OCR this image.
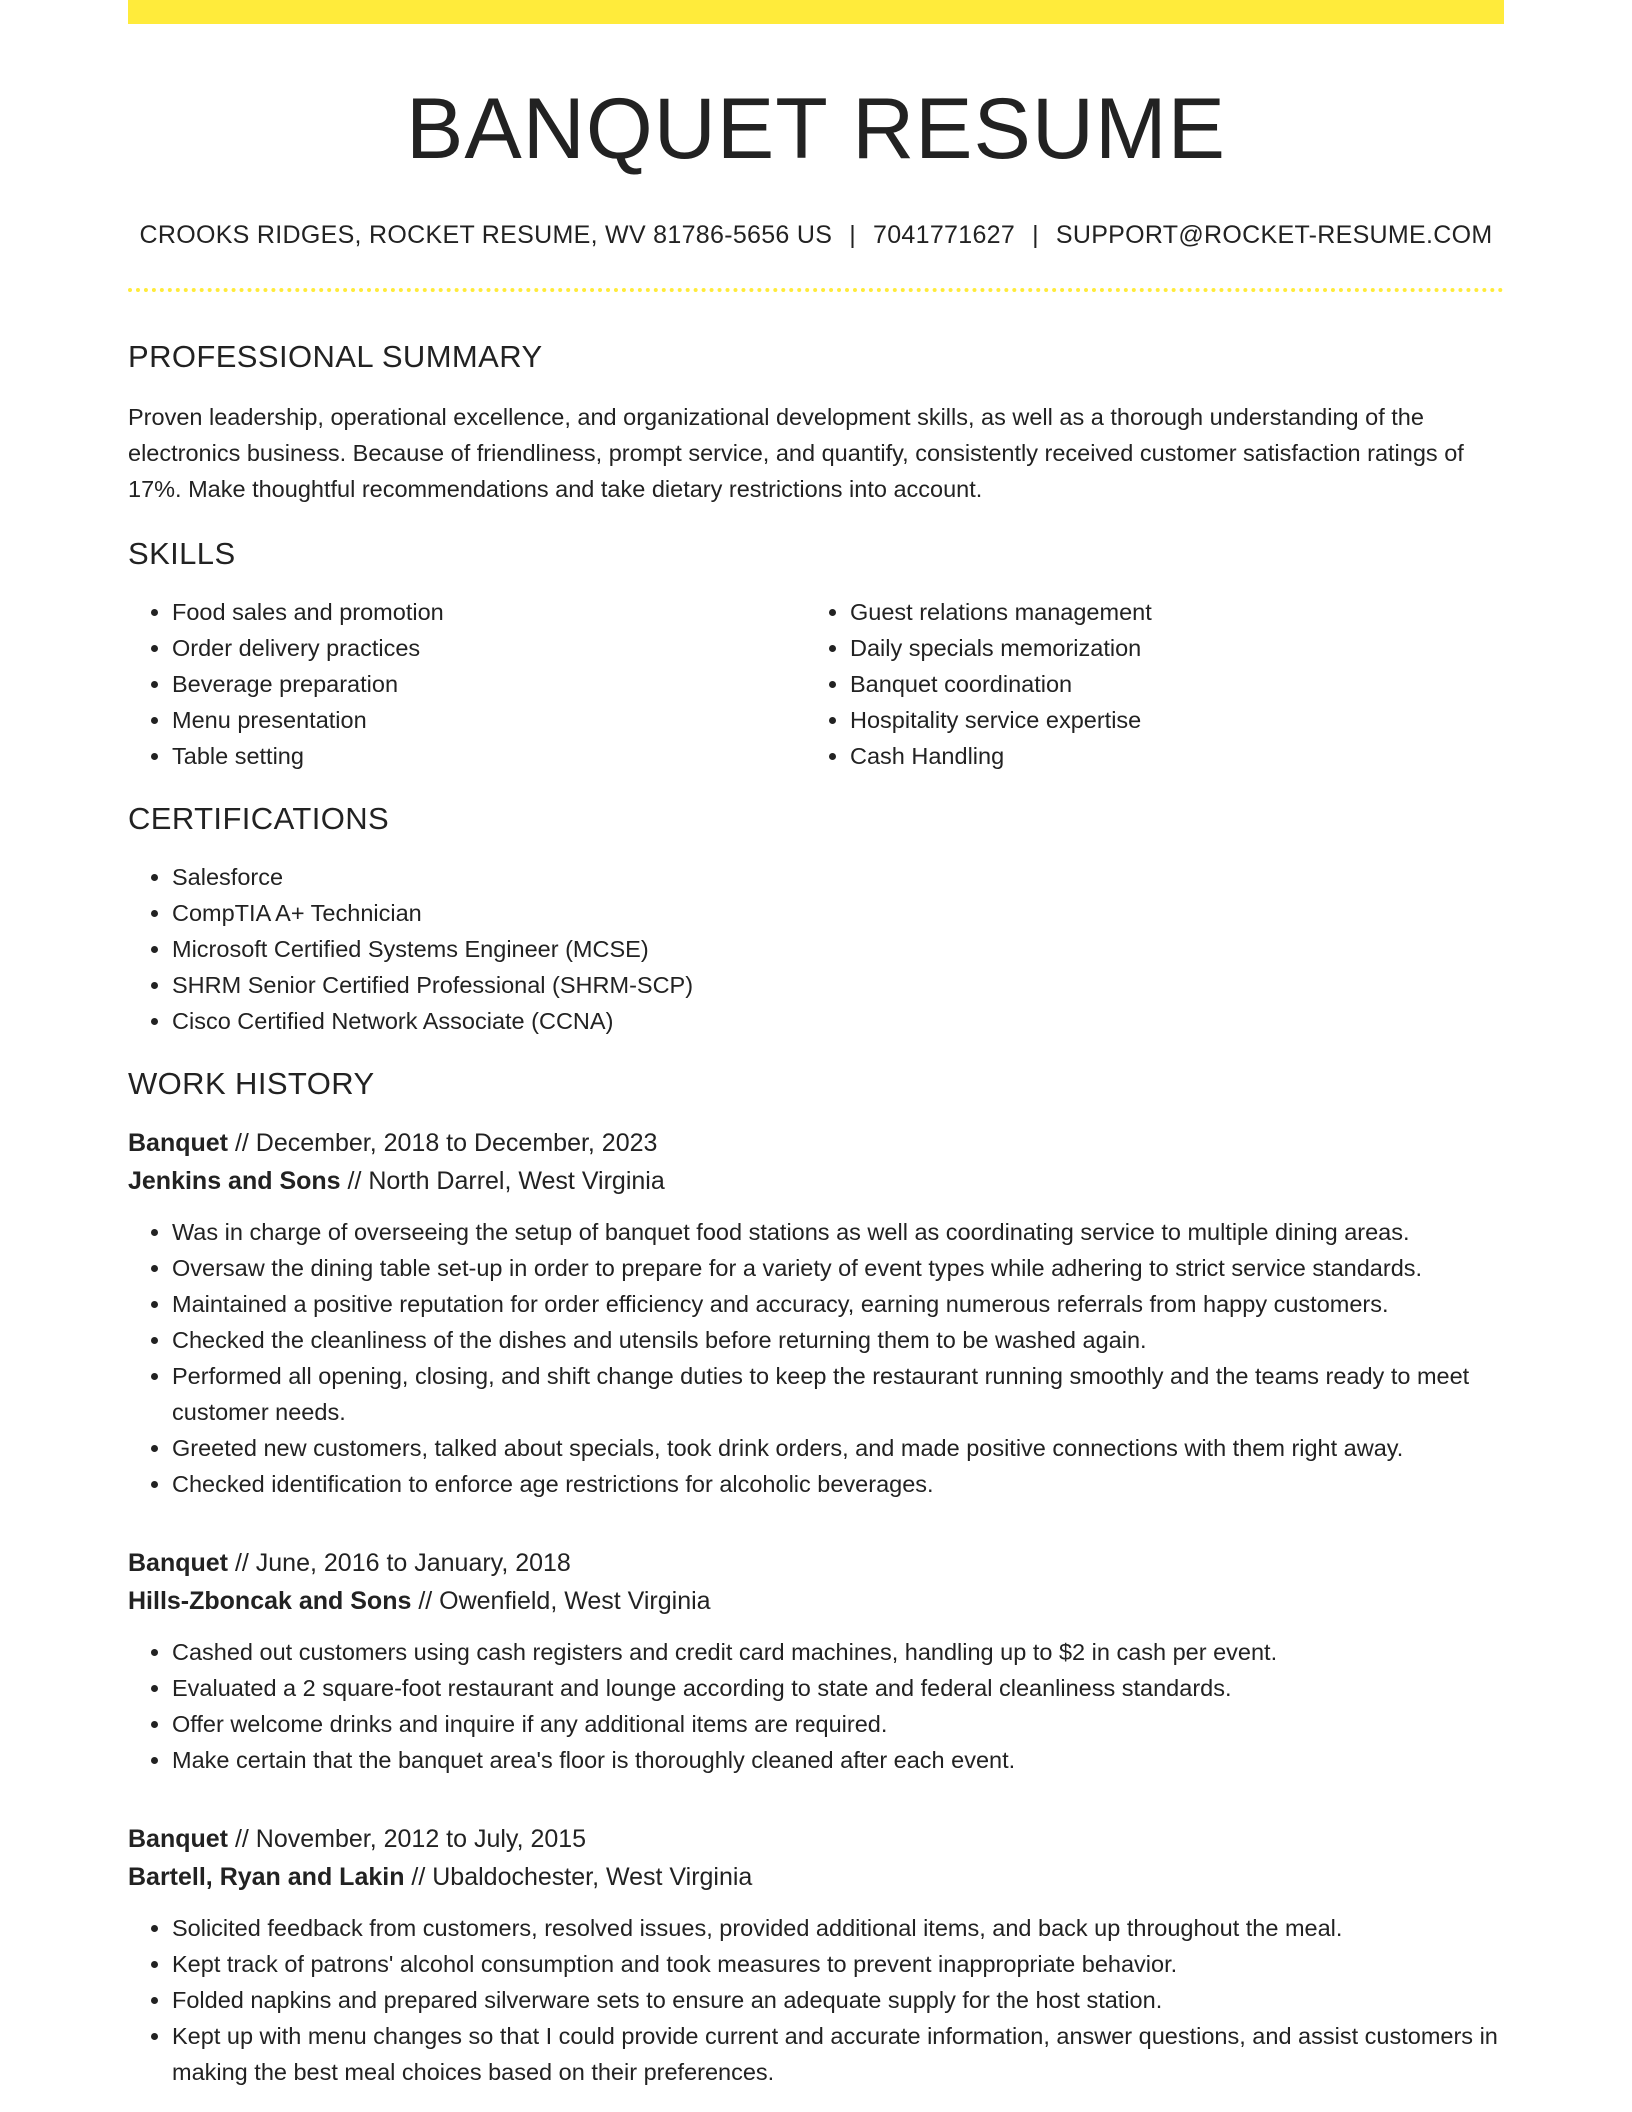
BANQUET RESUME
CROOKS RIDGES, ROCKET RESUME, WV 81786-5656 US | 7041771627 | SUPPORT@ROCKET-RESUME.COM
PROFESSIONAL SUMMARY

Proven leadership, operational excellence, and organizational development skills, as well as a thorough understanding of the electronics business. Because of friendliness, prompt service, and quantify, consistently received customer satisfaction ratings of 17%. Make thoughtful recommendations and take dietary restrictions into account.

SKILLS
• Food sales and promotion
• Order delivery practices
• Beverage preparation
• Menu presentation
• Table setting
• Guest relations management
• Daily specials memorization
• Banquet coordination
• Hospitality service expertise
• Cash Handling
CERTIFICATIONS
• Salesforce
• CompTIA A+ Technician
• Microsoft Certified Systems Engineer (MCSE)
• SHRM Senior Certified Professional (SHRM-SCP)
• Cisco Certified Network Associate (CCNA)
WORK HISTORY
Banquet // December, 2018 to December, 2023
Jenkins and Sons // North Darrel, West Virginia
• Was in charge of overseeing the setup of banquet food stations as well as coordinating service to multiple dining areas.
• Oversaw the dining table set-up in order to prepare for a variety of event types while adhering to strict service standards.
• Maintained a positive reputation for order efficiency and accuracy, earning numerous referrals from happy customers.
• Checked the cleanliness of the dishes and utensils before returning them to be washed again.
• Performed all opening, closing, and shift change duties to keep the restaurant running smoothly and the teams ready to meet customer needs.
• Greeted new customers, talked about specials, took drink orders, and made positive connections with them right away.
• Checked identification to enforce age restrictions for alcoholic beverages.
Banquet // June, 2016 to January, 2018
Hills-Zboncak and Sons // Owenfield, West Virginia
• Cashed out customers using cash registers and credit card machines, handling up to $2 in cash per event.
• Evaluated a 2 square-foot restaurant and lounge according to state and federal cleanliness standards.
• Offer welcome drinks and inquire if any additional items are required.
• Make certain that the banquet area's floor is thoroughly cleaned after each event.
Banquet // November, 2012 to July, 2015
Bartell, Ryan and Lakin // Ubaldochester, West Virginia
• Solicited feedback from customers, resolved issues, provided additional items, and back up throughout the meal.
• Kept track of patrons' alcohol consumption and took measures to prevent inappropriate behavior.
• Folded napkins and prepared silverware sets to ensure an adequate supply for the host station.
• Kept up with menu changes so that I could provide current and accurate information, answer questions, and assist customers in making the best meal choices based on their preferences.
